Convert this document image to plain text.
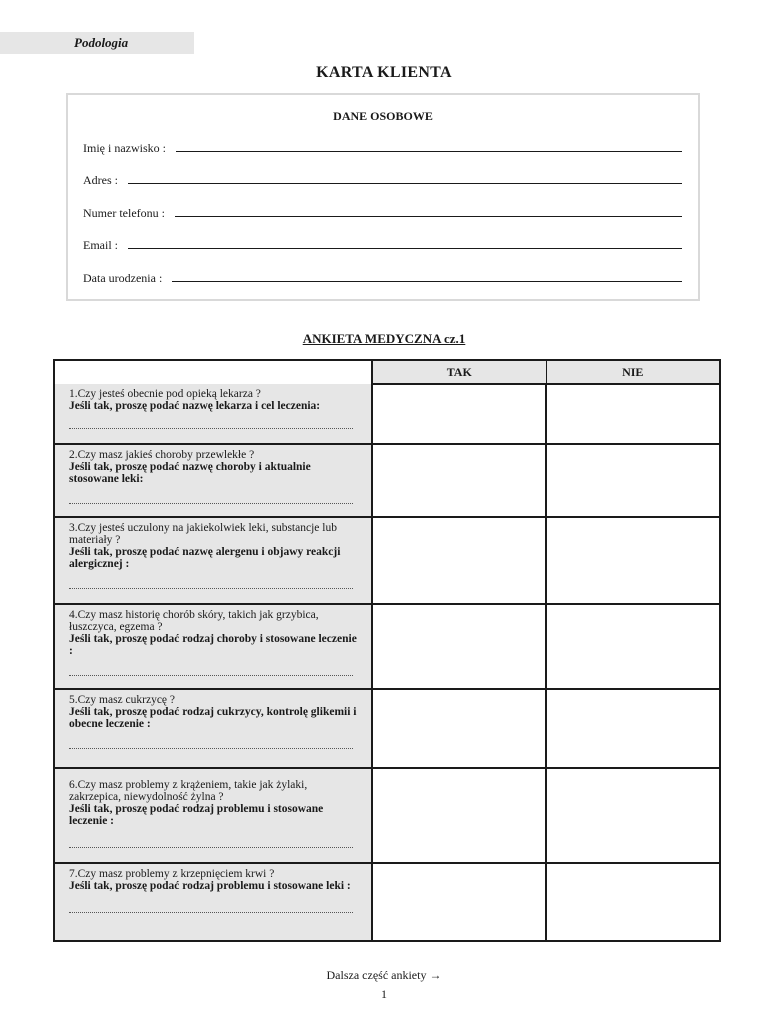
Podologia
KARTA KLIENTA
DANE OSOBOWE
Imię i nazwisko :
Adres :
Numer telefonu :
Email :
Data urodzenia :
ANKIETA MEDYCZNA cz.1
	TAK	NIE

1.Czy jesteś obecnie pod opieką lekarza ?
Jeśli tak, proszę podać nazwę lekarza i cel leczenia:		

2.Czy masz jakieś choroby przewlekłe ?
Jeśli tak, proszę podać nazwę choroby i aktualnie stosowane leki:		

3.Czy jesteś uczulony na jakiekolwiek leki, substancje lub materiały ?
Jeśli tak, proszę podać nazwę alergenu i objawy reakcji alergicznej :		

4.Czy masz historię chorób skóry, takich jak grzybica, łuszczyca, egzema ?
Jeśli tak, proszę podać rodzaj choroby i stosowane leczenie :		

5.Czy masz cukrzycę ?
Jeśli tak, proszę podać rodzaj cukrzycy, kontrolę glikemii i obecne leczenie :		

6.Czy masz problemy z krążeniem, takie jak żylaki, zakrzepica, niewydolność żylna ?
Jeśli tak, proszę podać rodzaj problemu i stosowane leczenie :		

7.Czy masz problemy z krzepnięciem krwi ?
Jeśli tak, proszę podać rodzaj problemu i stosowane leki :		

Dalsza część ankiety →
1
